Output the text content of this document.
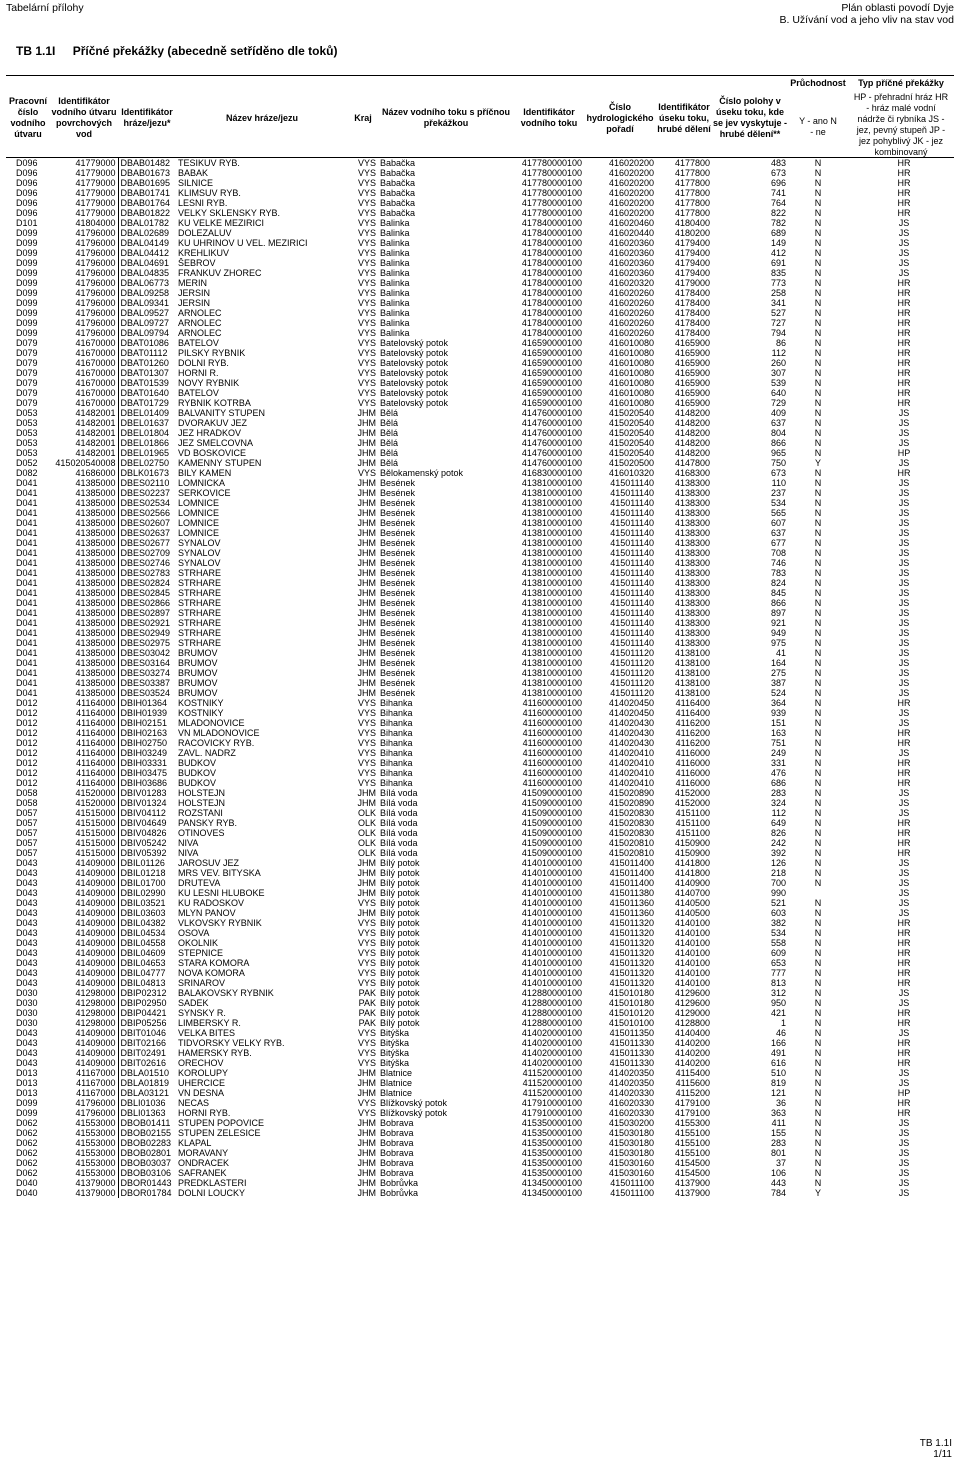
Tabelární přílohy	Plán oblasti povodí Dyje
B. Užívání vod a jeho vliv na stav vod
TB 1.1I Příčné překážky (abecedně setříděno dle toků)
Pracovní číslo vodního útvaru
Identifikátor vodního útvaru povrchových vod
Identifikátor hráze/jezu*
Název hráze/jezu	Kraj
Název vodního toku s příčnou překážkou
Identifikátor vodního toku
Číslo hydrologického pořadí
Identifikátor úseku toku, hrubé dělení
Číslo polohy v úseku toku, kde se jev vyskytuje - hrubé dělení**
Průchodnost
Y - ano N - ne
Typ příčné překážky
HP - přehradní hráz HR - hráz malé vodní nádrže či rybníka JS - jez, pevný stupeň JP - jez pohyblivý JK - jez kombinovaný
D096	41779000	DBAB01482	TESIKUV RYB.	VYS	Babačka	417780000100	416020200	4177800	483	N	HR
D096	41779000	DBAB01673	BABAK	VYS	Babačka	417780000100	416020200	4177800	673	N	HR
D096	41779000	DBAB01695	SILNICE	VYS	Babačka	417780000100	416020200	4177800	696	N	HR
D096	41779000	DBAB01741	KLIMSUV RYB.	VYS	Babačka	417780000100	416020200	4177800	741	N	HR
D096	41779000	DBAB01764	LESNI RYB.	VYS	Babačka	417780000100	416020200	4177800	764	N	HR
D096	41779000	DBAB01822	VELKY SKLENSKY RYB.	VYS	Babačka	417780000100	416020200	4177800	822	N	HR
D101	41804000	DBAL01782	KU VELKE MEZIRICI	VYS	Balinka	417840000100	416020460	4180400	782	N	JS
D099	41796000	DBAL02689	DOLEZALUV	VYS	Balinka	417840000100	416020440	4180200	689	N	JS
D099	41796000	DBAL04149	KU UHRINOV U VEL. MEZIRICI	VYS	Balinka	417840000100	416020360	4179400	149	N	JS
D099	41796000	DBAL04412	KREHLIKUV	VYS	Balinka	417840000100	416020360	4179400	412	N	JS
D099	41796000	DBAL04691	ŠEBROV	VYS	Balinka	417840000100	416020360	4179400	691	N	JS
D099	41796000	DBAL04835	FRANKUV ZHOREC	VYS	Balinka	417840000100	416020360	4179400	835	N	JS
D099	41796000	DBAL06773	MERIN	VYS	Balinka	417840000100	416020320	4179000	773	N	HR
D099	41796000	DBAL09258	JERSIN	VYS	Balinka	417840000100	416020260	4178400	258	N	HR
D099	41796000	DBAL09341	JERSIN	VYS	Balinka	417840000100	416020260	4178400	341	N	HR
D099	41796000	DBAL09527	ARNOLEC	VYS	Balinka	417840000100	416020260	4178400	527	N	HR
D099	41796000	DBAL09727	ARNOLEC	VYS	Balinka	417840000100	416020260	4178400	727	N	HR
D099	41796000	DBAL09794	ARNOLEC	VYS	Balinka	417840000100	416020260	4178400	794	N	HR
D079	41670000	DBAT01086	BATELOV	VYS	Batelovský potok	416590000100	416010080	4165900	86	N	HR
D079	41670000	DBAT01112	PILSKY RYBNIK	VYS	Batelovský potok	416590000100	416010080	4165900	112	N	HR
D079	41670000	DBAT01260	DOLNI RYB.	VYS	Batelovský potok	416590000100	416010080	4165900	260	N	HR
D079	41670000	DBAT01307	HORNI R.	VYS	Batelovský potok	416590000100	416010080	4165900	307	N	HR
D079	41670000	DBAT01539	NOVY RYBNIK	VYS	Batelovský potok	416590000100	416010080	4165900	539	N	HR
D079	41670000	DBAT01640	BATELOV	VYS	Batelovský potok	416590000100	416010080	4165900	640	N	HR
D079	41670000	DBAT01729	RYBNIK KOTRBA	VYS	Batelovský potok	416590000100	416010080	4165900	729	N	HR
D053	41482001	DBEL01409	BALVANITY STUPEN	JHM	Bělá	414760000100	415020540	4148200	409	N	JS
D053	41482001	DBEL01637	DVORAKUV JEZ	JHM	Bělá	414760000100	415020540	4148200	637	N	JS
D053	41482001	DBEL01804	JEZ HRADKOV	JHM	Bělá	414760000100	415020540	4148200	804	N	JS
D053	41482001	DBEL01866	JEZ SMELCOVNA	JHM	Bělá	414760000100	415020540	4148200	866	N	JS
D053	41482001	DBEL01965	VD BOSKOVICE	JHM	Bělá	414760000100	415020540	4148200	965	N	HP
D052	415020540008	DBEL02750	KAMENNY STUPEN	JHM	Bělá	414760000100	415020500	4147800	750	Y	JS
D082	41686000	DBLK01673	BILY KAMEN	VYS	Bělokamenský potok	416830000100	416010320	4168300	673	N	HR
D041	41385000	DBES02110	LOMNICKA	JHM	Besének	413810000100	415011140	4138300	110	N	JS
D041	41385000	DBES02237	SERKOVICE	JHM	Besének	413810000100	415011140	4138300	237	N	JS
D041	41385000	DBES02534	LOMNICE	JHM	Besének	413810000100	415011140	4138300	534	N	JS
D041	41385000	DBES02566	LOMNICE	JHM	Besének	413810000100	415011140	4138300	565	N	JS
D041	41385000	DBES02607	LOMNICE	JHM	Besének	413810000100	415011140	4138300	607	N	JS
D041	41385000	DBES02637	LOMNICE	JHM	Besének	413810000100	415011140	4138300	637	N	JS
D041	41385000	DBES02677	SYNALOV	JHM	Besének	413810000100	415011140	4138300	677	N	JS
D041	41385000	DBES02709	SYNALOV	JHM	Besének	413810000100	415011140	4138300	708	N	JS
D041	41385000	DBES02746	SYNALOV	JHM	Besének	413810000100	415011140	4138300	746	N	JS
D041	41385000	DBES02783	STRHARE	JHM	Besének	413810000100	415011140	4138300	783	N	JS
D041	41385000	DBES02824	STRHARE	JHM	Besének	413810000100	415011140	4138300	824	N	JS
D041	41385000	DBES02845	STRHARE	JHM	Besének	413810000100	415011140	4138300	845	N	JS
D041	41385000	DBES02866	STRHARE	JHM	Besének	413810000100	415011140	4138300	866	N	JS
D041	41385000	DBES02897	STRHARE	JHM	Besének	413810000100	415011140	4138300	897	N	JS
D041	41385000	DBES02921	STRHARE	JHM	Besének	413810000100	415011140	4138300	921	N	JS
D041	41385000	DBES02949	STRHARE	JHM	Besének	413810000100	415011140	4138300	949	N	JS
D041	41385000	DBES02975	STRHARE	JHM	Besének	413810000100	415011140	4138300	975	N	JS
D041	41385000	DBES03042	BRUMOV	JHM	Besének	413810000100	415011120	4138100	41	N	JS
D041	41385000	DBES03164	BRUMOV	JHM	Besének	413810000100	415011120	4138100	164	N	JS
D041	41385000	DBES03274	BRUMOV	JHM	Besének	413810000100	415011120	4138100	275	N	JS
D041	41385000	DBES03387	BRUMOV	JHM	Besének	413810000100	415011120	4138100	387	N	JS
D041	41385000	DBES03524	BRUMOV	JHM	Besének	413810000100	415011120	4138100	524	N	JS
D012	41164000	DBIH01364	KOSTNIKY	VYS	Bihanka	411600000100	414020450	4116400	364	N	HR
D012	41164000	DBIH01939	KOSTNIKY	VYS	Bihanka	411600000100	414020450	4116400	939	N	JS
D012	41164000	DBIH02151	MLADONOVICE	VYS	Bihanka	411600000100	414020430	4116200	151	N	JS
D012	41164000	DBIH02163	VN MLADONOVICE	VYS	Bihanka	411600000100	414020430	4116200	163	N	HR
D012	41164000	DBIH02750	RACOVICKY RYB.	VYS	Bihanka	411600000100	414020430	4116200	751	N	HR
D012	41164000	DBIH03249	ZAVL. NADRZ	VYS	Bihanka	411600000100	414020410	4116000	249	N	JS
D012	41164000	DBIH03331	BUDKOV	VYS	Bihanka	411600000100	414020410	4116000	331	N	HR
D012	41164000	DBIH03475	BUDKOV	VYS	Bihanka	411600000100	414020410	4116000	476	N	HR
D012	41164000	DBIH03686	BUDKOV	VYS	Bihanka	411600000100	414020410	4116000	686	N	HR
D058	41520000	DBIV01283	HOLSTEJN	JHM	Bílá voda	415090000100	415020890	4152000	283	N	JS
D058	41520000	DBIV01324	HOLSTEJN	JHM	Bílá voda	415090000100	415020890	4152000	324	N	JS
D057	41515000	DBIV04112	ROZSTANI	OLK	Bílá voda	415090000100	415020830	4151100	112	N	JS
D057	41515000	DBIV04649	PANSKY RYB.	OLK	Bílá voda	415090000100	415020830	4151100	649	N	HR
D057	41515000	DBIV04826	OTINOVES	OLK	Bílá voda	415090000100	415020830	4151100	826	N	HR
D057	41515000	DBIV05242	NIVA	OLK	Bílá voda	415090000100	415020810	4150900	242	N	HR
D057	41515000	DBIV05392	NIVA	OLK	Bílá voda	415090000100	415020810	4150900	392	N	HR
D043	41409000	DBIL01126	JAROSUV JEZ	JHM	Bílý potok	414010000100	415011400	4141800	126	N	JS
D043	41409000	DBIL01218	MRS VEV. BITYSKA	JHM	Bílý potok	414010000100	415011400	4141800	218	N	JS
D043	41409000	DBIL01700	DRUTEVA	JHM	Bílý potok	414010000100	415011400	4140900	700	N	JS
D043	41409000	DBIL02990	KU LESNI HLUBOKE	JHM	Bílý potok	414010000100	415011380	4140700	990		JS
D043	41409000	DBIL03521	KU RADOSKOV	VYS	Bílý potok	414010000100	415011360	4140500	521	N	JS
D043	41409000	DBIL03603	MLYN PANOV	JHM	Bílý potok	414010000100	415011360	4140500	603	N	JS
D043	41409000	DBIL04382	VLKOVSKY RYBNIK	VYS	Bílý potok	414010000100	415011320	4140100	382	N	HR
D043	41409000	DBIL04534	OSOVA	VYS	Bílý potok	414010000100	415011320	4140100	534	N	HR
D043	41409000	DBIL04558	OKOLNIK	VYS	Bílý potok	414010000100	415011320	4140100	558	N	HR
D043	41409000	DBIL04609	STEPNICE	VYS	Bílý potok	414010000100	415011320	4140100	609	N	HR
D043	41409000	DBIL04653	STARA KOMORA	VYS	Bílý potok	414010000100	415011320	4140100	653	N	HR
D043	41409000	DBIL04777	NOVA KOMORA	VYS	Bílý potok	414010000100	415011320	4140100	777	N	HR
D043	41409000	DBIL04813	SRINAROV	VYS	Bílý potok	414010000100	415011320	4140100	813	N	HR
D030	41298000	DBIP02312	BALAKOVSKY RYBNIK	PAK	Bílý potok	412880000100	415010180	4129600	312	N	JS
D030	41298000	DBIP02950	SADEK	PAK	Bílý potok	412880000100	415010180	4129600	950	N	JS
D030	41298000	DBIP04421	SYNSKY R.	PAK	Bílý potok	412880000100	415010120	4129000	421	N	HR
D030	41298000	DBIP05256	LIMBERSKY R.	PAK	Bílý potok	412880000100	415010100	4128800	1	N	HR
D043	41409000	DBIT01046	VELKA BITES	VYS	Bitýška	414020000100	415011350	4140400	46	N	JS
D043	41409000	DBIT02166	TIDVORSKY VELKY RYB.	VYS	Bitýška	414020000100	415011330	4140200	166	N	HR
D043	41409000	DBIT02491	HAMERSKY RYB.	VYS	Bitýška	414020000100	415011330	4140200	491	N	HR
D043	41409000	DBIT02616	ORECHOV	VYS	Bitýška	414020000100	415011330	4140200	616	N	HR
D013	41167000	DBLA01510	KOROLUPY	JHM	Blatnice	411520000100	414020350	4115400	510	N	JS
D013	41167000	DBLA01819	UHERCICE	JHM	Blatnice	411520000100	414020350	4115600	819	N	JS
D013	41167000	DBLA03121	VN DESNA	JHM	Blatnice	411520000100	414020330	4115200	121	N	HP
D099	41796000	DBLI01036	NECAS	VYS	Blížkovský potok	417910000100	416020330	4179100	36	N	HR
D099	41796000	DBLI01363	HORNI RYB.	VYS	Blížkovský potok	417910000100	416020330	4179100	363	N	HR
D062	41553000	DBOB01411	STUPEN POPOVICE	JHM	Bobrava	415350000100	415030200	4155300	411	N	JS
D062	41553000	DBOB02155	STUPEN ZELESICE	JHM	Bobrava	415350000100	415030180	4155100	155	N	JS
D062	41553000	DBOB02283	KLAPAL	JHM	Bobrava	415350000100	415030180	4155100	283	N	JS
D062	41553000	DBOB02801	MORAVANY	JHM	Bobrava	415350000100	415030180	4155100	801	N	JS
D062	41553000	DBOB03037	ONDRACEK	JHM	Bobrava	415350000100	415030160	4154500	37	N	JS
D062	41553000	DBOB03106	SAFRANEK	JHM	Bobrava	415350000100	415030160	4154500	106	N	JS
D040	41379000	DBOR01443	PREDKLASTERI	JHM	Bobrůvka	413450000100	415011100	4137900	443	N	JS
D040	41379000	DBOR01784	DOLNI LOUCKY	JHM	Bobrůvka	413450000100	415011100	4137900	784	Y	JS
TB 1.1I
1/11
